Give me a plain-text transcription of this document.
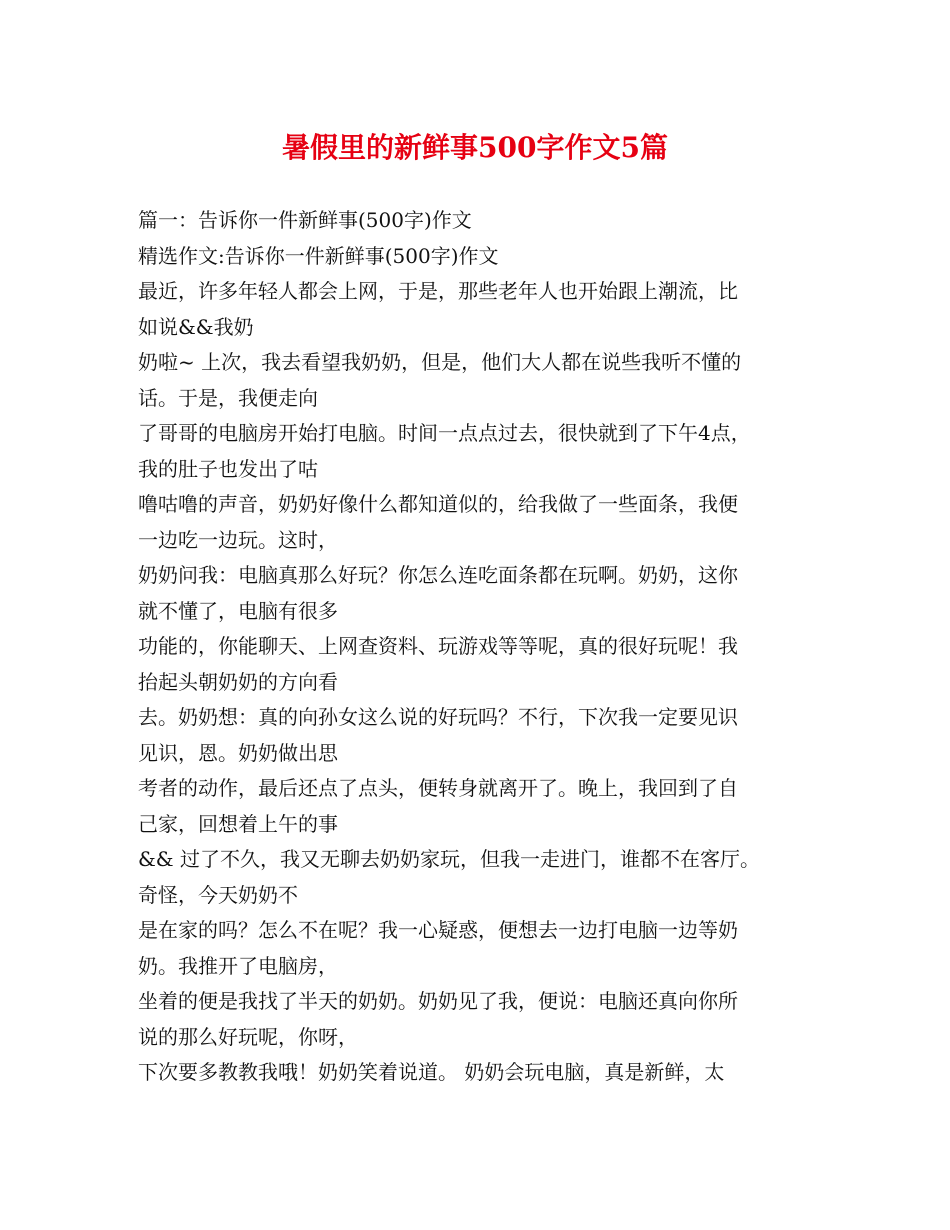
暑假里的新鲜事500字作文5篇
篇一：告诉你一件新鲜事(500字)作文
精选作文:告诉你一件新鲜事(500字)作文
最近，许多年轻人都会上网，于是，那些老年人也开始跟上潮流，比
如说&&我奶
奶啦~ 上次，我去看望我奶奶，但是，他们大人都在说些我听不懂的
话。于是，我便走向
了哥哥的电脑房开始打电脑。时间一点点过去，很快就到了下午4点，
我的肚子也发出了咕
噜咕噜的声音，奶奶好像什么都知道似的，给我做了一些面条，我便
一边吃一边玩。这时，
奶奶问我：电脑真那么好玩？你怎么连吃面条都在玩啊。奶奶，这你
就不懂了，电脑有很多
功能的，你能聊天、上网查资料、玩游戏等等呢，真的很好玩呢！我
抬起头朝奶奶的方向看
去。奶奶想：真的向孙女这么说的好玩吗？不行，下次我一定要见识
见识，恩。奶奶做出思
考者的动作，最后还点了点头，便转身就离开了。晚上，我回到了自
己家，回想着上午的事
&& 过了不久，我又无聊去奶奶家玩，但我一走进门，谁都不在客厅。
奇怪，今天奶奶不
是在家的吗？怎么不在呢？我一心疑惑，便想去一边打电脑一边等奶
奶。我推开了电脑房，
坐着的便是我找了半天的奶奶。奶奶见了我，便说：电脑还真向你所
说的那么好玩呢，你呀，
下次要多教教我哦！奶奶笑着说道。 奶奶会玩电脑，真是新鲜，太
